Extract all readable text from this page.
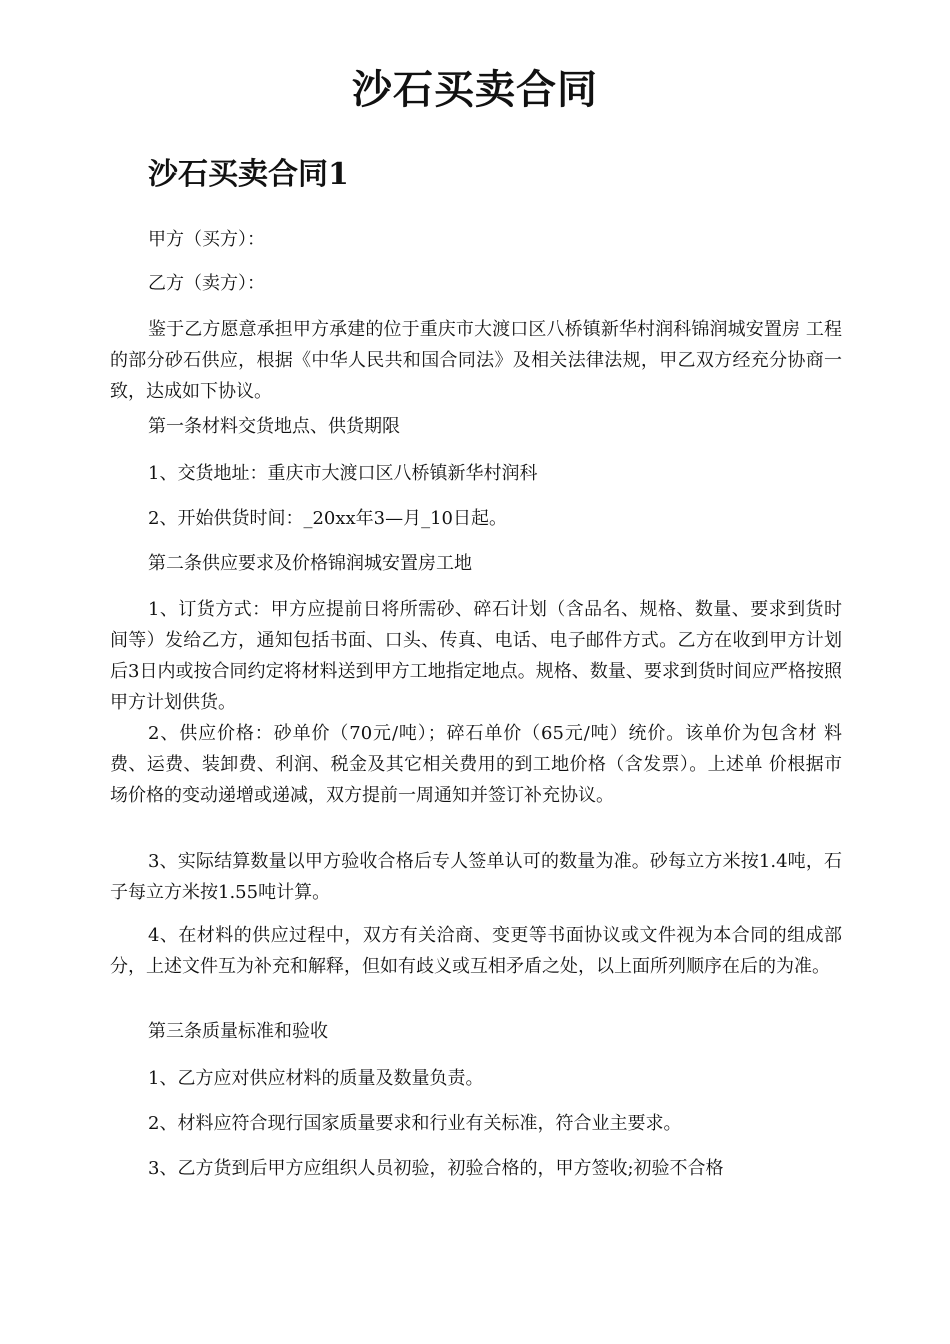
沙石买卖合同
沙石买卖合同1

甲方（买方）：

乙方（卖方）：

鉴于乙方愿意承担甲方承建的位于重庆市大渡口区八桥镇新华村润科锦润城安置房 工程的部分砂石供应，根据《中华人民共和国合同法》及相关法律法规，甲乙双方经充分协商一致，达成如下协议。

第一条材料交货地点、供货期限

1、交货地址：重庆市大渡口区八桥镇新华村润科

2、开始供货时间：_20xx年3—月_10日起。

第二条供应要求及价格锦润城安置房工地

1、订货方式：甲方应提前日将所需砂、碎石计划（含品名、规格、数量、要求到货时间等）发给乙方，通知包括书面、口头、传真、电话、电子邮件方式。乙方在收到甲方计划后3日内或按合同约定将材料送到甲方工地指定地点。规格、数量、要求到货时间应严格按照甲方计划供货。

2、供应价格：砂单价（70元/吨）；碎石单价（65元/吨）统价。该单价为包含材 料费、运费、装卸费、利润、税金及其它相关费用的到工地价格（含发票）。上述单 价根据市场价格的变动递增或递减，双方提前一周通知并签订补充协议。

3、实际结算数量以甲方验收合格后专人签单认可的数量为准。砂每立方米按1.4吨，石子每立方米按1.55吨计算。

4、在材料的供应过程中，双方有关洽商、变更等书面协议或文件视为本合同的组成部分，上述文件互为补充和解释，但如有歧义或互相矛盾之处，以上面所列顺序在后的为准。

第三条质量标准和验收

1、乙方应对供应材料的质量及数量负责。

2、材料应符合现行国家质量要求和行业有关标准，符合业主要求。

3、乙方货到后甲方应组织人员初验，初验合格的，甲方签收;初验不合格
